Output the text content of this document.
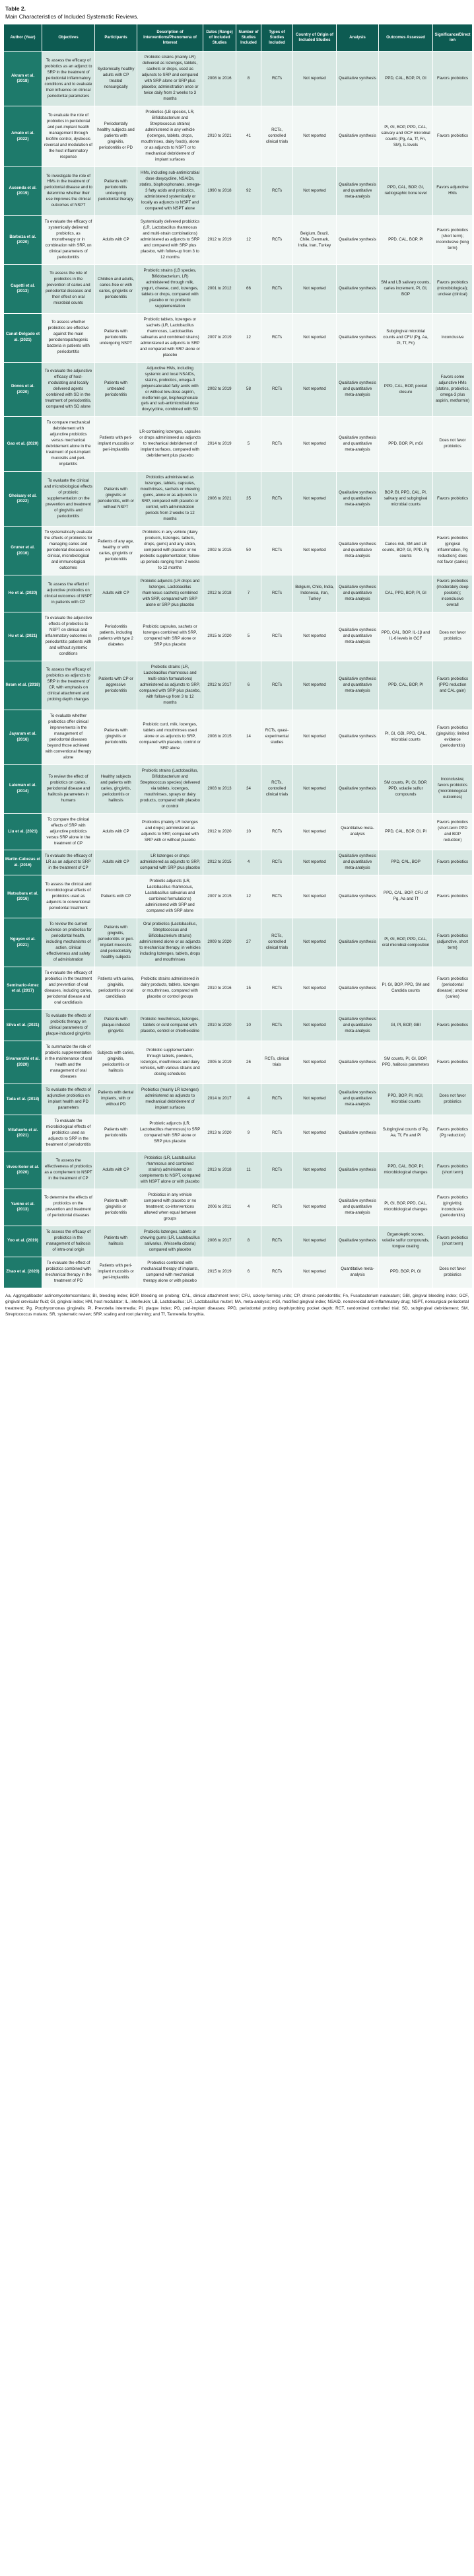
Table 2.
Main Characteristics of Included Systematic Reviews.
Author (Year)	Objectives	Participants	Description of Interventions/Phenomena of Interest	Dates (Range) of Included Studies	Number of Studies Included	Types of Studies Included	Country of Origin of Included Studies	Analysis	Outcomes Assessed	Significance/Direction
Akram et al. (2018)	To assess the efficacy of probiotics as an adjunct to SRP in the treatment of periodontal inflammatory conditions and to evaluate their influence on clinical periodontal parameters	Systemically healthy adults with CP treated nonsurgically	Probiotic strains (mainly LR) delivered as lozenges, tablets, sachets or drops, used as adjuncts to SRP and compared with SRP alone or SRP plus placebo; administration once or twice daily from 2 weeks to 3 months	2008 to 2016	8	RCTs	Not reported	Qualitative synthesis	PPD, CAL, BOP, Pl, GI	Favors probiotics
Amato et al. (2022)	To evaluate the role of probiotics in periodontal and peri-implant health management through biofilm control, dysbiosis reversal and modulation of the host inflammatory response	Periodontally healthy subjects and patients with gingivitis, periodontitis or PD	Probiotics (LB species, LR, Bifidobacterium and Streptococcus strains) administered in any vehicle (lozenges, tablets, drops, mouthrinses, dairy foods), alone or as adjuncts to NSPT or to mechanical debridement of implant surfaces	2010 to 2021	41	RCTs, controlled clinical trials	Not reported	Qualitative synthesis	Pl, GI, BOP, PPD, CAL, salivary and GCF microbial counts (Pg, Aa, Tf, Fn, SM), IL levels	Favors probiotics
Ausenda et al. (2019)	To investigate the role of HMs in the treatment of periodontal disease and to determine whether their use improves the clinical outcomes of NSPT	Patients with periodontitis undergoing periodontal therapy	HMs, including sub-antimicrobial dose doxycycline, NSAIDs, statins, bisphosphonates, omega-3 fatty acids and probiotics, administered systemically or locally as adjuncts to NSPT and compared with NSPT alone	1990 to 2018	92	RCTs	Not reported	Qualitative synthesis and quantitative meta-analysis	PPD, CAL, BOP, GI, radiographic bone level	Favors adjunctive HMs
Barboza et al. (2020)	To evaluate the efficacy of systemically delivered probiotics, as monotherapy or in combination with SRP, on clinical parameters of periodontitis	Adults with CP	Systemically delivered probiotics (LR, Lactobacillus rhamnosus and multi-strain combinations) administered as adjuncts to SRP and compared with SRP plus placebo, with follow-up from 3 to 12 months	2012 to 2019	12	RCTs	Belgium, Brazil, Chile, Denmark, India, Iran, Turkey	Qualitative synthesis	PPD, CAL, BOP, Pl	Favors probiotics (short term); inconclusive (long term)
Cagetti et al. (2013)	To assess the role of probiotics in the prevention of caries and periodontal diseases and their effect on oral microbial counts	Children and adults, caries-free or with caries, gingivitis or periodontitis	Probiotic strains (LB species, Bifidobacterium, LR) administered through milk, yogurt, cheese, curd, lozenges, tablets or drops, compared with placebo or no probiotic supplementation	2001 to 2012	66	RCTs	Not reported	Qualitative synthesis	SM and LB salivary counts, caries increment, Pl, GI, BOP	Favors probiotics (microbiological); unclear (clinical)
Canut-Delgado et al. (2021)	To assess whether probiotics are effective against the main periodontopathogenic bacteria in patients with periodontitis	Patients with periodontitis undergoing NSPT	Probiotic tablets, lozenges or sachets (LR, Lactobacillus rhamnosus, Lactobacillus salivarius and combined strains) administered as adjuncts to SRP and compared with SRP alone or placebo	2007 to 2019	12	RCTs	Not reported	Qualitative synthesis	Subgingival microbial counts and CFU (Pg, Aa, Pi, Tf, Fn)	Inconclusive
Donos et al. (2020)	To evaluate the adjunctive efficacy of host-modulating and locally delivered agents combined with SD in the treatment of periodontitis, compared with SD alone	Patients with untreated periodontitis	Adjunctive HMs, including systemic and local NSAIDs, statins, probiotics, omega-3 polyunsaturated fatty acids with or without low-dose aspirin, metformin gel, bisphosphonate gels and sub-antimicrobial dose doxycycline, combined with SD	2002 to 2019	58	RCTs	Not reported	Qualitative synthesis and quantitative meta-analysis	PPD, CAL, BOP, pocket closure	Favors some adjunctive HMs (statins, probiotics, omega-3 plus aspirin, metformin)
Gao et al. (2020)	To compare mechanical debridement with adjunctive probiotics versus mechanical debridement alone in the treatment of peri-implant mucositis and peri-implantitis	Patients with peri-implant mucositis or peri-implantitis	LR-containing lozenges, capsules or drops administered as adjuncts to mechanical debridement of implant surfaces, compared with debridement plus placebo	2014 to 2019	5	RCTs	Not reported	Qualitative synthesis and quantitative meta-analysis	PPD, BOP, Pl, mGI	Does not favor probiotics
Gheisary et al. (2022)	To evaluate the clinical and microbiological effects of probiotic supplementation on the prevention and treatment of gingivitis and periodontitis	Patients with gingivitis or periodontitis, with or without NSPT	Probiotics administered as lozenges, tablets, capsules, mouthrinses, sachets or chewing gums, alone or as adjuncts to SRP, compared with placebo or control, with administration periods from 2 weeks to 12 months	2006 to 2021	35	RCTs	Not reported	Qualitative synthesis and quantitative meta-analysis	BOP, BI, PPD, CAL, Pl, salivary and subgingival microbial counts	Favors probiotics
Gruner et al. (2016)	To systematically evaluate the effects of probiotics for managing caries and periodontal diseases on clinical, microbiological and immunological outcomes	Patients of any age, healthy or with caries, gingivitis or periodontitis	Probiotics in any vehicle (dairy products, lozenges, tablets, drops, gums) and any strain, compared with placebo or no probiotic supplementation; follow-up periods ranging from 2 weeks to 12 months	2002 to 2015	50	RCTs	Not reported	Qualitative synthesis and quantitative meta-analysis	Caries risk, SM and LB counts, BOP, GI, PPD, Pg counts	Favors probiotics (gingival inflammation, Pg reduction); does not favor (caries)
Ho et al. (2020)	To assess the effect of adjunctive probiotics on clinical outcomes of NSPT in patients with CP	Adults with CP	Probiotic adjuncts (LR drops and lozenges, Lactobacillus rhamnosus sachets) combined with SRP, compared with SRP alone or SRP plus placebo	2012 to 2018	7	RCTs	Belgium, Chile, India, Indonesia, Iran, Turkey	Qualitative synthesis and quantitative meta-analysis	CAL, PPD, BOP, Pl, GI	Favors probiotics (moderately deep pockets); inconclusive overall
Hu et al. (2021)	To evaluate the adjunctive effects of probiotics to NSPT on clinical and inflammatory outcomes in periodontitis patients with and without systemic conditions	Periodontitis patients, including patients with type 2 diabetes	Probiotic capsules, sachets or lozenges combined with SRP, compared with SRP alone or SRP plus placebo	2015 to 2020	5	RCTs	Not reported	Qualitative synthesis and quantitative meta-analysis	PPD, CAL, BOP, IL-1β and IL-6 levels in GCF	Does not favor probiotics
Ikram et al. (2018)	To assess the efficacy of probiotics as adjuncts to SRP in the treatment of CP, with emphasis on clinical attachment and probing depth changes	Patients with CP or aggressive periodontitis	Probiotic strains (LR, Lactobacillus rhamnosus and multi-strain formulations) administered as adjuncts to SRP, compared with SRP plus placebo, with follow-up from 3 to 12 months	2012 to 2017	6	RCTs	Not reported	Qualitative synthesis and quantitative meta-analysis	PPD, CAL, BOP, Pl	Favors probiotics (PPD reduction and CAL gain)
Jayaram et al. (2016)	To evaluate whether probiotics offer clinical improvements in the management of periodontal diseases beyond those achieved with conventional therapy alone	Patients with gingivitis or periodontitis	Probiotic curd, milk, lozenges, tablets and mouthrinses used alone or as adjuncts to SRP, compared with placebo, control or SRP alone	2008 to 2015	14	RCTs, quasi-experimental studies	Not reported	Qualitative synthesis	Pl, GI, GBI, PPD, CAL, microbial counts	Favors probiotics (gingivitis); limited evidence (periodontitis)
Laleman et al. (2014)	To review the effect of probiotics on caries, periodontal disease and halitosis parameters in humans	Healthy subjects and patients with caries, gingivitis, periodontitis or halitosis	Probiotic strains (Lactobacillus, Bifidobacterium and Streptococcus species) delivered via tablets, lozenges, mouthrinses, sprays or dairy products, compared with placebo or control	2003 to 2013	34	RCTs, controlled clinical trials	Not reported	Qualitative synthesis	SM counts, Pl, GI, BOP, PPD, volatile sulfur compounds	Inconclusive; favors probiotics (microbiological outcomes)
Liu et al. (2021)	To compare the clinical effects of SRP with adjunctive probiotics versus SRP alone in the treatment of CP	Adults with CP	Probiotics (mainly LR lozenges and drops) administered as adjuncts to SRP, compared with SRP with or without placebo	2012 to 2020	10	RCTs	Not reported	Quantitative meta-analysis	PPD, CAL, BOP, GI, Pl	Favors probiotics (short-term PPD and BOP reduction)
Martin-Cabezas et al. (2016)	To evaluate the efficacy of LR as an adjunct to SRP in the treatment of CP	Adults with CP	LR lozenges or drops administered as adjuncts to SRP, compared with SRP plus placebo	2012 to 2015	4	RCTs	Not reported	Qualitative synthesis and quantitative meta-analysis	PPD, CAL, BOP	Favors probiotics
Matsubara et al. (2016)	To assess the clinical and microbiological effects of probiotics used as adjuncts to conventional periodontal treatment	Patients with CP	Probiotic adjuncts (LR, Lactobacillus rhamnosus, Lactobacillus salivarius and combined formulations) administered with SRP and compared with SRP alone	2007 to 2015	12	RCTs	Not reported	Qualitative synthesis	PPD, CAL, BOP, CFU of Pg, Aa and Tf	Favors probiotics
Nguyen et al. (2021)	To review the current evidence on probiotics for periodontal health, including mechanisms of action, clinical effectiveness and safety of administration	Patients with gingivitis, periodontitis or peri-implant mucositis and periodontally healthy subjects	Oral probiotics (Lactobacillus, Streptococcus and Bifidobacterium strains) administered alone or as adjuncts to mechanical therapy, in vehicles including lozenges, tablets, drops and mouthrinses	2009 to 2020	27	RCTs, controlled clinical trials	Not reported	Qualitative synthesis	Pl, GI, BOP, PPD, CAL, oral microbial composition	Favors probiotics (adjunctive, short term)
Seminario-Amez et al. (2017)	To evaluate the efficacy of probiotics in the treatment and prevention of oral diseases, including caries, periodontal disease and oral candidiasis	Patients with caries, gingivitis, periodontitis or oral candidiasis	Probiotic strains administered in dairy products, tablets, lozenges or mouthrinses, compared with placebo or control groups	2010 to 2016	15	RCTs	Not reported	Qualitative synthesis	Pl, GI, BOP, PPD, SM and Candida counts	Favors probiotics (periodontal disease); unclear (caries)
Silva et al. (2021)	To evaluate the effects of probiotic therapy on clinical parameters of plaque-induced gingivitis	Patients with plaque-induced gingivitis	Probiotic mouthrinses, lozenges, tablets or curd compared with placebo, control or chlorhexidine	2010 to 2020	10	RCTs	Not reported	Qualitative synthesis and quantitative meta-analysis	GI, Pl, BOP, GBI	Favors probiotics
Sivamaruthi et al. (2020)	To summarize the role of probiotic supplementation in the maintenance of oral health and the management of oral diseases	Subjects with caries, gingivitis, periodontitis or halitosis	Probiotic supplementation through tablets, powders, lozenges, mouthrinses and dairy vehicles, with various strains and dosing schedules	2005 to 2019	26	RCTs, clinical trials	Not reported	Qualitative synthesis	SM counts, Pl, GI, BOP, PPD, halitosis parameters	Favors probiotics
Tada et al. (2018)	To evaluate the effects of adjunctive probiotics on implant health and PD parameters	Patients with dental implants, with or without PD	Probiotics (mainly LR lozenges) administered as adjuncts to mechanical debridement of implant surfaces	2014 to 2017	4	RCTs	Not reported	Qualitative synthesis and quantitative meta-analysis	PPD, BOP, Pl, mGI, microbial counts	Does not favor probiotics
Villafuerte et al. (2021)	To evaluate the microbiological effects of probiotics used as adjuncts to SRP in the treatment of periodontitis	Patients with periodontitis	Probiotic adjuncts (LR, Lactobacillus rhamnosus) to SRP compared with SRP alone or SRP plus placebo	2013 to 2020	9	RCTs	Not reported	Qualitative synthesis	Subgingival counts of Pg, Aa, Tf, Fn and Pi	Favors probiotics (Pg reduction)
Vives-Soler et al. (2020)	To assess the effectiveness of probiotics as a complement to NSPT in the treatment of CP	Adults with CP	Probiotics (LR, Lactobacillus rhamnosus and combined strains) administered as complements to NSPT, compared with NSPT alone or with placebo	2013 to 2018	11	RCTs	Not reported	Qualitative synthesis	PPD, CAL, BOP, Pl, microbiological changes	Favors probiotics (short term)
Yanine et al. (2013)	To determine the effects of probiotics on the prevention and treatment of periodontal diseases	Patients with gingivitis or periodontitis	Probiotics in any vehicle compared with placebo or no treatment; co-interventions allowed when equal between groups	2006 to 2011	4	RCTs	Not reported	Qualitative synthesis and quantitative meta-analysis	Pl, GI, BOP, PPD, CAL, microbiological changes	Favors probiotics (gingivitis); inconclusive (periodontitis)
Yoo et al. (2019)	To assess the efficacy of probiotics in the management of halitosis of intra-oral origin	Patients with halitosis	Probiotic lozenges, tablets or chewing gums (LR, Lactobacillus salivarius, Weissella cibaria) compared with placebo	2006 to 2017	8	RCTs	Not reported	Qualitative synthesis	Organoleptic scores, volatile sulfur compounds, tongue coating	Favors probiotics (short term)
Zhao et al. (2020)	To evaluate the effect of probiotics combined with mechanical therapy in the treatment of PD	Patients with peri-implant mucositis or peri-implantitis	Probiotics combined with mechanical therapy of implants, compared with mechanical therapy alone or with placebo	2015 to 2019	6	RCTs	Not reported	Quantitative meta-analysis	PPD, BOP, Pl, GI	Does not favor probiotics

Aa, Aggregatibacter actinomycetemcomitans; BI, bleeding index; BOP, bleeding on probing; CAL, clinical attachment level; CFU, colony-forming units; CP, chronic periodontitis; Fn, Fusobacterium nucleatum; GBI, gingival bleeding index; GCF, gingival crevicular fluid; GI, gingival index; HM, host modulator; IL, interleukin; LB, Lactobacillus; LR, Lactobacillus reuteri; MA, meta-analysis; mGI, modified gingival index; NSAID, nonsteroidal anti-inflammatory drug; NSPT, nonsurgical periodontal treatment; Pg, Porphyromonas gingivalis; Pi, Prevotella intermedia; Pl, plaque index; PD, peri-implant diseases; PPD, periodontal probing depth/probing pocket depth; RCT, randomized controlled trial; SD, subgingival debridement; SM, Streptococcus mutans; SR, systematic review; SRP, scaling and root planning; and Tf, Tannerella forsythia.
